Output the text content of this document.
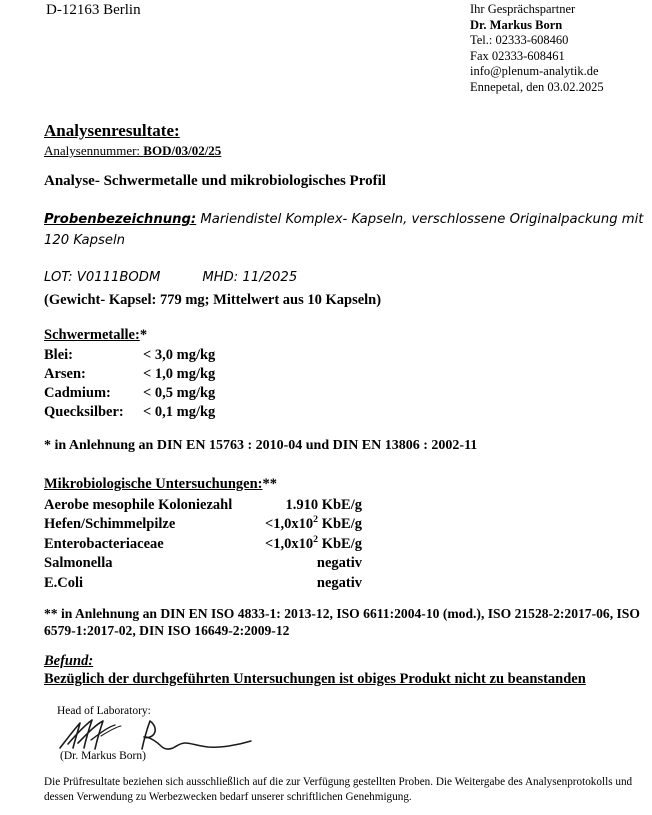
D-12163 Berlin	Ihr Gesprächspartner
Dr. Markus Born
Tel.: 02333-608460
Fax 02333-608461
info@plenum-analytik.de
Ennepetal, den 03.02.2025
Analysenresultate:
Analysennummer: BOD/03/02/25
Analyse- Schwermetalle und mikrobiologisches Profil
Probenbezeichnung: Mariendistel Komplex- Kapseln, verschlossene Originalpackung mit 120 Kapseln
LOT: V0111BODM	MHD: 11/2025
(Gewicht- Kapsel: 779 mg; Mittelwert aus 10 Kapseln)
Schwermetalle:*
Blei:	< 3,0 mg/kg
Arsen:	< 1,0 mg/kg
Cadmium: < 0,5 mg/kg
Quecksilber: < 0,1 mg/kg
* in Anlehnung an DIN EN 15763 : 2010-04 und DIN EN 13806 : 2002-11
Mikrobiologische Untersuchungen:**
Aerobe mesophile Koloniezahl	1.910 KbE/g
Hefen/Schimmelpilze	$<1,0x10^2$ KbE/g
Enterobacteriaceae	$<1,0x10^2$ KbE/g
Salmonella	negativ
E.Coli	negativ
** in Anlehnung an DIN EN ISO 4833-1: 2013-12, ISO 6611:2004-10 (mod.), ISO 21528-2:2017-06, ISO 6579-1:2017-02, DIN ISO 16649-2:2009-12
Befund:
Bezüglich der durchgeführten Untersuchungen ist obiges Produkt nicht zu beanstanden
Head of Laboratory:
(Dr. Markus Born)
Die Prüfresultate beziehen sich ausschließlich auf die zur Verfügung gestellten Proben. Die Weitergabe des Analysenprotokolls und dessen Verwendung zu Werbezwecken bedarf unserer schriftlichen Genehmigung.
